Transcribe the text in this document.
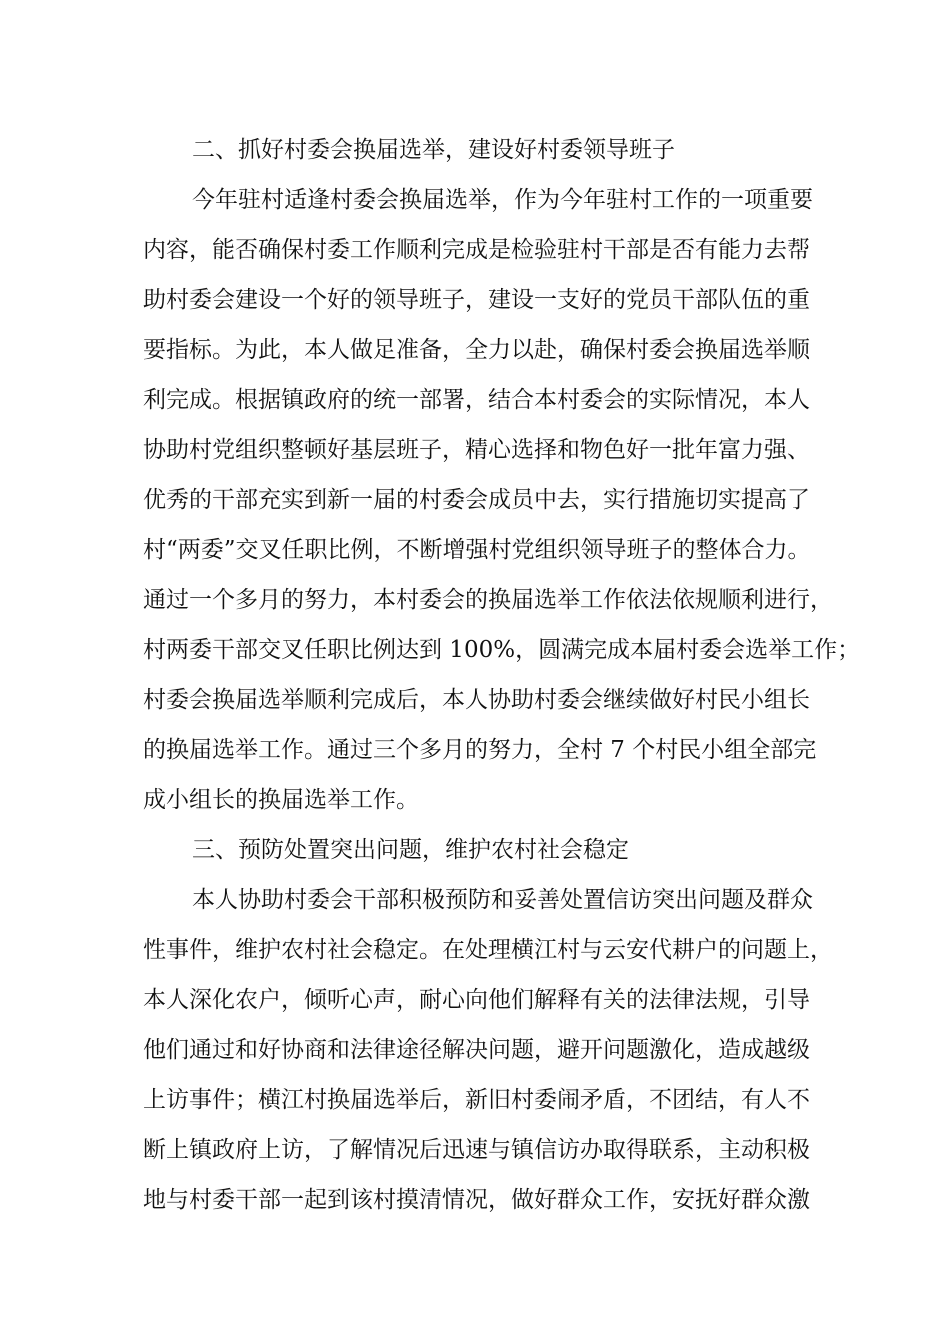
二、抓好村委会换届选举，建设好村委领导班子
今年驻村适逢村委会换届选举，作为今年驻村工作的一项重要
内容，能否确保村委工作顺利完成是检验驻村干部是否有能力去帮
助村委会建设一个好的领导班子，建设一支好的党员干部队伍的重
要指标。为此，本人做足准备，全力以赴，确保村委会换届选举顺
利完成。根据镇政府的统一部署，结合本村委会的实际情况，本人
协助村党组织整顿好基层班子，精心选择和物色好一批年富力强、
优秀的干部充实到新一届的村委会成员中去，实行措施切实提高了
村“两委”交叉任职比例，不断增强村党组织领导班子的整体合力。
通过一个多月的努力，本村委会的换届选举工作依法依规顺利进行，
村两委干部交叉任职比例达到 100%，圆满完成本届村委会选举工作；
村委会换届选举顺利完成后，本人协助村委会继续做好村民小组长
的换届选举工作。通过三个多月的努力，全村 7 个村民小组全部完
成小组长的换届选举工作。
三、预防处置突出问题，维护农村社会稳定
本人协助村委会干部积极预防和妥善处置信访突出问题及群众
性事件，维护农村社会稳定。在处理横江村与云安代耕户的问题上，
本人深化农户，倾听心声，耐心向他们解释有关的法律法规，引导
他们通过和好协商和法律途径解决问题，避开问题激化，造成越级
上访事件；横江村换届选举后，新旧村委闹矛盾，不团结，有人不
断上镇政府上访，了解情况后迅速与镇信访办取得联系，主动积极
地与村委干部一起到该村摸清情况，做好群众工作，安抚好群众激
